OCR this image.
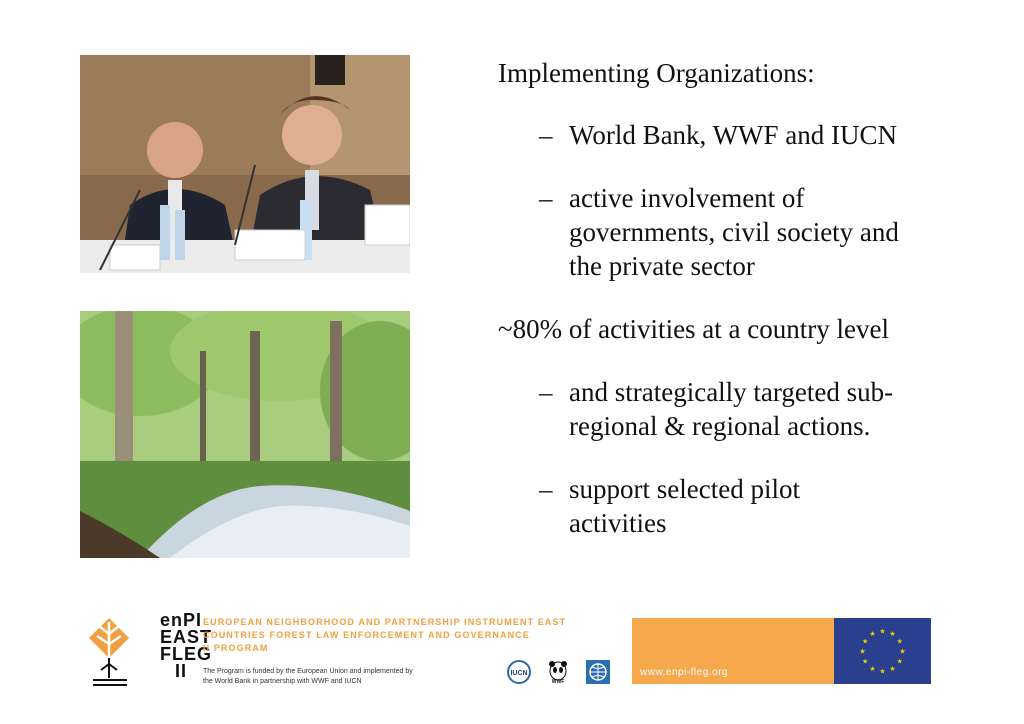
Implementing Organizations:

– World Bank, WWF and IUCN

– active involvement of

governments, civil society and

the private sector

~80% of activities at a country level

– and strategically targeted sub-

regional & regional actions.

– support selected pilot

activities

enPI
EAST
FLEG
II
EUROPEAN NEIGHBORHOOD AND PARTNERSHIP INSTRUMENT EAST
COUNTRIES FOREST LAW ENFORCEMENT AND GOVERNANCE
II PROGRAM
The Program is funded by the European Union and implemented by
the World Bank in partnership with WWF and IUCN
IUCN
WWF
www.enpi-fleg.org
★ ★
★
★
★
★
★
★
★
★
★
★
